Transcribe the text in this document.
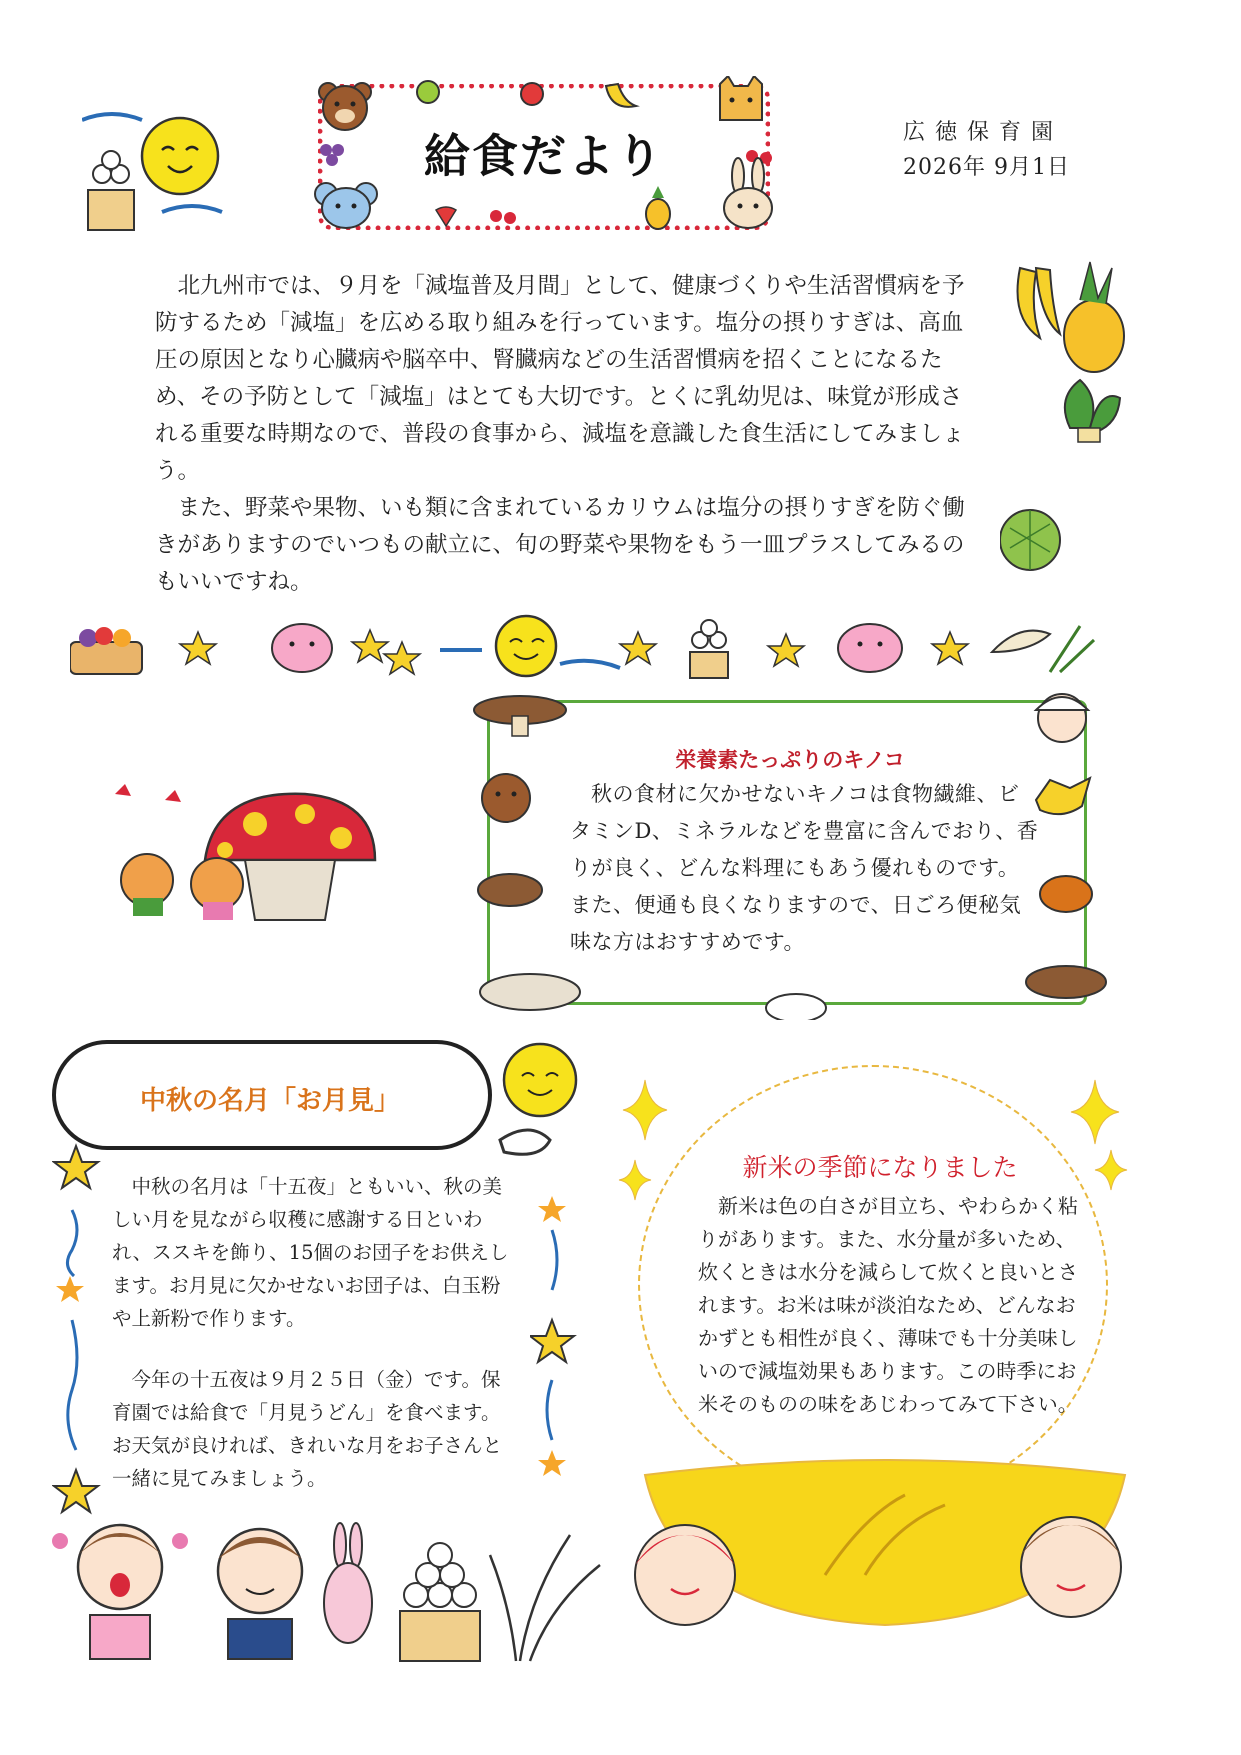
給食だより	広徳保育園
2026年 9月1日

北九州市では、９月を「減塩普及月間」として、健康づくりや生活習慣病を予防するため「減塩」を広める取り組みを行っています。塩分の摂りすぎは、高血圧の原因となり心臓病や脳卒中、腎臓病などの生活習慣病を招くことになるため、その予防として「減塩」はとても大切です。とくに乳幼児は、味覚が形成される重要な時期なので、普段の食事から、減塩を意識した食生活にしてみましょう。

また、野菜や果物、いも類に含まれているカリウムは塩分の摂りすぎを防ぐ働きがありますのでいつもの献立に、旬の野菜や果物をもう一皿プラスしてみるのもいいですね。

栄養素たっぷりのキノコ

秋の食材に欠かせないキノコは食物繊維、ビタミンD、ミネラルなどを豊富に含んでおり、香りが良く、どんな料理にもあう優れものです。また、便通も良くなりますので、日ごろ便秘気味な方はおすすめです。

中秋の名月「お月見」

中秋の名月は「十五夜」ともいい、秋の美しい月を見ながら収穫に感謝する日といわれ、ススキを飾り、15個のお団子をお供えします。お月見に欠かせないお団子は、白玉粉や上新粉で作ります。

今年の十五夜は９月２５日（金）です。保育園では給食で「月見うどん」を食べます。お天気が良ければ、きれいな月をお子さんと一緒に見てみましょう。

新米の季節になりました

新米は色の白さが目立ち、やわらかく粘りがあります。また、水分量が多いため、炊くときは水分を減らして炊くと良いとされます。お米は味が淡泊なため、どんなおかずとも相性が良く、薄味でも十分美味しいので減塩効果もあります。この時季にお米そのものの味をあじわってみて下さい。
